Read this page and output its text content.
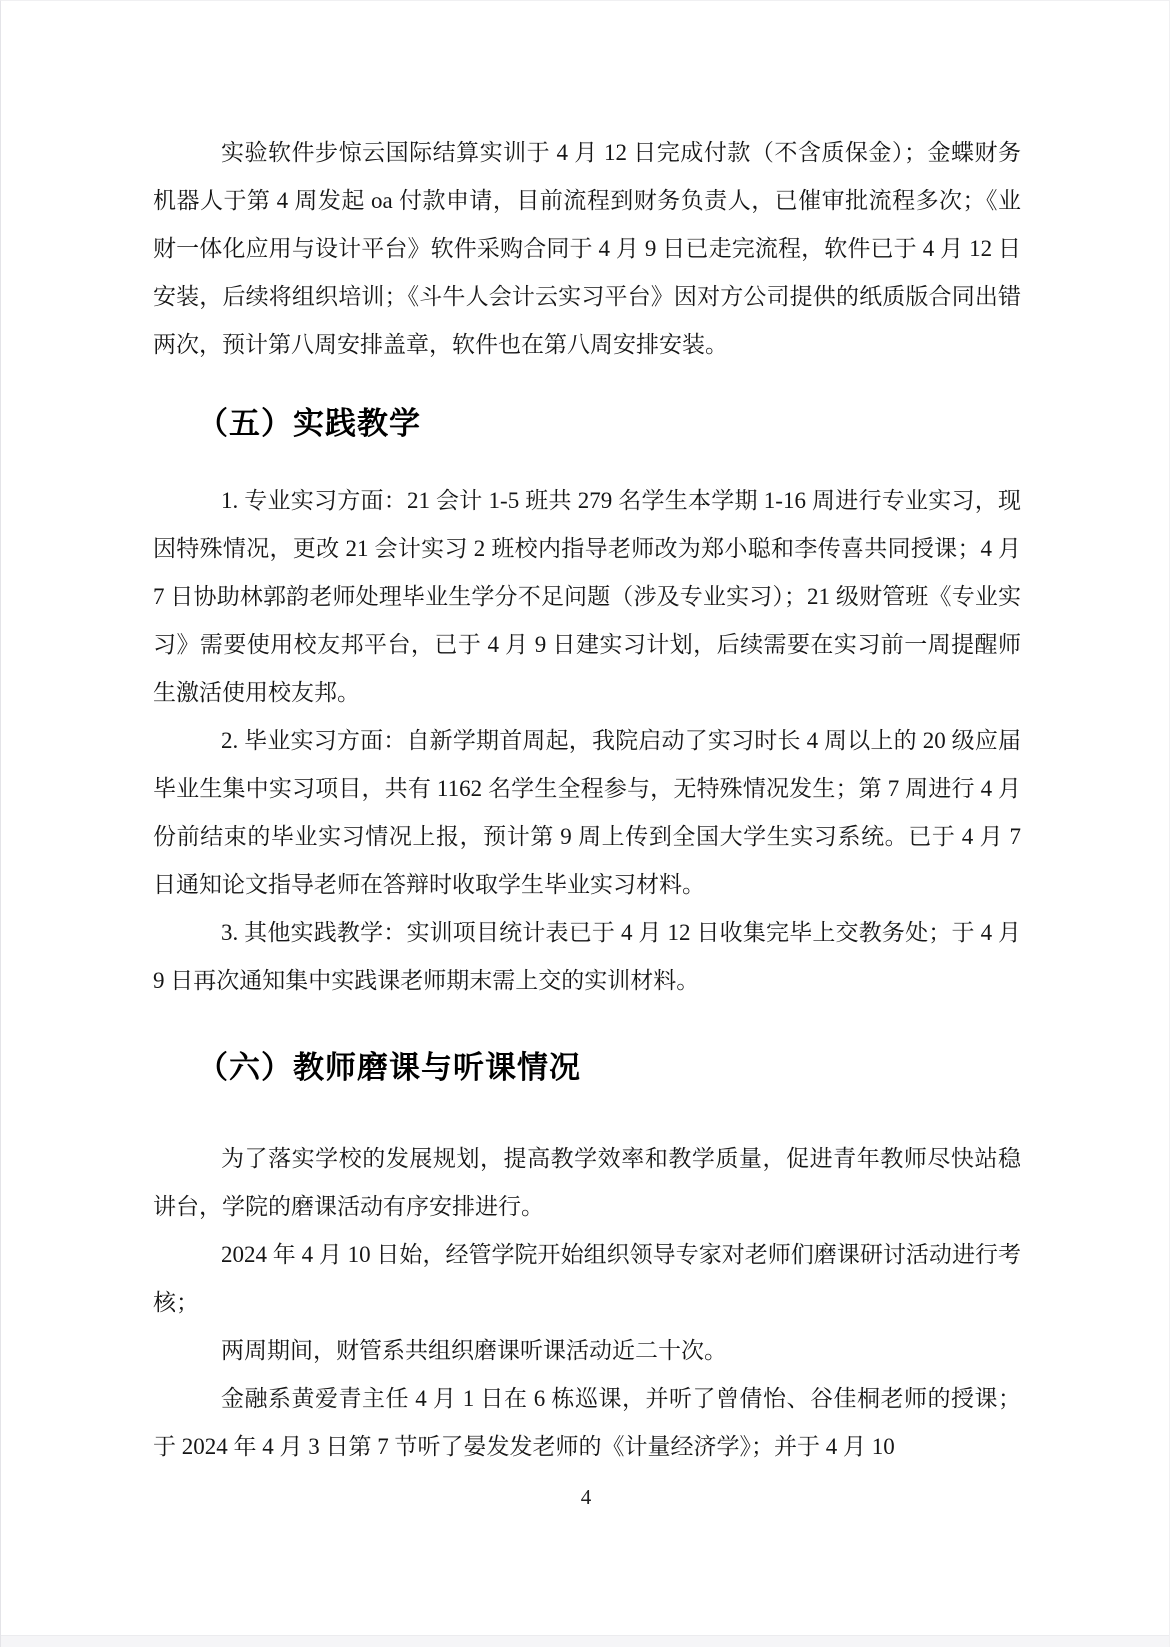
实验软件步惊云国际结算实训于 4 月 12 日完成付款（不含质保金）；金蝶财务机器人于第 4 周发起 oa 付款申请，目前流程到财务负责人，已催审批流程多次；《业财一体化应用与设计平台》软件采购合同于 4 月 9 日已走完流程，软件已于 4 月 12 日安装，后续将组织培训；《斗牛人会计云实习平台》因对方公司提供的纸质版合同出错两次，预计第八周安排盖章，软件也在第八周安排安装。

（五）实践教学

1. 专业实习方面：21 会计 1-5 班共 279 名学生本学期 1-16 周进行专业实习，现因特殊情况，更改 21 会计实习 2 班校内指导老师改为郑小聪和李传喜共同授课；4 月 7 日协助林郭韵老师处理毕业生学分不足问题（涉及专业实习）；21 级财管班《专业实习》需要使用校友邦平台，已于 4 月 9 日建实习计划，后续需要在实习前一周提醒师生激活使用校友邦。

2. 毕业实习方面：自新学期首周起，我院启动了实习时长 4 周以上的 20 级应届毕业生集中实习项目，共有 1162 名学生全程参与，无特殊情况发生；第 7 周进行 4 月份前结束的毕业实习情况上报，预计第 9 周上传到全国大学生实习系统。已于 4 月 7 日通知论文指导老师在答辩时收取学生毕业实习材料。

3. 其他实践教学：实训项目统计表已于 4 月 12 日收集完毕上交教务处；于 4 月 9 日再次通知集中实践课老师期末需上交的实训材料。

（六）教师磨课与听课情况

为了落实学校的发展规划，提高教学效率和教学质量，促进青年教师尽快站稳讲台，学院的磨课活动有序安排进行。

2024 年 4 月 10 日始，经管学院开始组织领导专家对老师们磨课研讨活动进行考核；

两周期间，财管系共组织磨课听课活动近二十次。

金融系黄爱青主任 4 月 1 日在 6 栋巡课，并听了曾倩怡、谷佳桐老师的授课；于 2024 年 4 月 3 日第 7 节听了晏发发老师的《计量经济学》；并于 4 月 10

4
